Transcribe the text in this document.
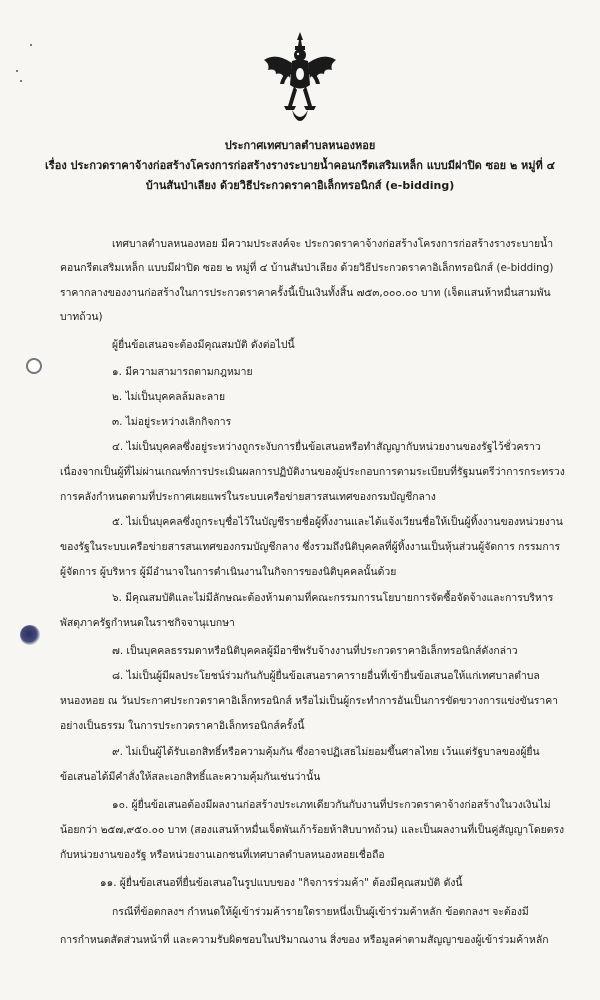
ประกาศเทศบาลตำบลหนองหอย
เรื่อง ประกวดราคาจ้างก่อสร้างโครงการก่อสร้างรางระบายน้ำคอนกรีตเสริมเหล็ก แบบมีฝาปิด ซอย ๒ หมู่ที่ ๔
บ้านสันป่าเลียง ด้วยวิธีประกวดราคาอิเล็กทรอนิกส์ (e-bidding)
เทศบาลตำบลหนองหอย มีความประสงค์จะ ประกวดราคาจ้างก่อสร้างโครงการก่อสร้างรางระบายน้ำ
คอนกรีตเสริมเหล็ก แบบมีฝาปิด ซอย ๒ หมู่ที่ ๔ บ้านสันป่าเลียง ด้วยวิธีประกวดราคาอิเล็กทรอนิกส์ (e-bidding)
ราคากลางของงานก่อสร้างในการประกวดราคาครั้งนี้เป็นเงินทั้งสิ้น ๗๕๓,๐๐๐.๐๐ บาท (เจ็ดแสนห้าหมื่นสามพัน
บาทถ้วน)
ผู้ยื่นข้อเสนอจะต้องมีคุณสมบัติ ดังต่อไปนี้
๑. มีความสามารถตามกฎหมาย
๒. ไม่เป็นบุคคลล้มละลาย
๓. ไม่อยู่ระหว่างเลิกกิจการ
๔. ไม่เป็นบุคคลซึ่งอยู่ระหว่างถูกระงับการยื่นข้อเสนอหรือทำสัญญากับหน่วยงานของรัฐไว้ชั่วคราว
เนื่องจากเป็นผู้ที่ไม่ผ่านเกณฑ์การประเมินผลการปฏิบัติงานของผู้ประกอบการตามระเบียบที่รัฐมนตรีว่าการกระทรวง
การคลังกำหนดตามที่ประกาศเผยแพร่ในระบบเครือข่ายสารสนเทศของกรมบัญชีกลาง
๕. ไม่เป็นบุคคลซึ่งถูกระบุชื่อไว้ในบัญชีรายชื่อผู้ทิ้งงานและได้แจ้งเวียนชื่อให้เป็นผู้ทิ้งงานของหน่วยงาน
ของรัฐในระบบเครือข่ายสารสนเทศของกรมบัญชีกลาง ซึ่งรวมถึงนิติบุคคลที่ผู้ทิ้งงานเป็นหุ้นส่วนผู้จัดการ กรรมการ
ผู้จัดการ ผู้บริหาร ผู้มีอำนาจในการดำเนินงานในกิจการของนิติบุคคลนั้นด้วย
๖. มีคุณสมบัติและไม่มีลักษณะต้องห้ามตามที่คณะกรรมการนโยบายการจัดซื้อจัดจ้างและการบริหาร
พัสดุภาครัฐกำหนดในราชกิจจานุเบกษา
๗. เป็นบุคคลธรรมดาหรือนิติบุคคลผู้มีอาชีพรับจ้างงานที่ประกวดราคาอิเล็กทรอนิกส์ดังกล่าว
๘. ไม่เป็นผู้มีผลประโยชน์ร่วมกันกับผู้ยื่นข้อเสนอราคารายอื่นที่เข้ายื่นข้อเสนอให้แก่เทศบาลตำบล
หนองหอย ณ วันประกาศประกวดราคาอิเล็กทรอนิกส์ หรือไม่เป็นผู้กระทำการอันเป็นการขัดขวางการแข่งขันราคา
อย่างเป็นธรรม ในการประกวดราคาอิเล็กทรอนิกส์ครั้งนี้
๙. ไม่เป็นผู้ได้รับเอกสิทธิ์หรือความคุ้มกัน ซึ่งอาจปฏิเสธไม่ยอมขึ้นศาลไทย เว้นแต่รัฐบาลของผู้ยื่น
ข้อเสนอได้มีคำสั่งให้สละเอกสิทธิ์และความคุ้มกันเช่นว่านั้น
๑๐. ผู้ยื่นข้อเสนอต้องมีผลงานก่อสร้างประเภทเดียวกันกับงานที่ประกวดราคาจ้างก่อสร้างในวงเงินไม่
น้อยกว่า ๒๕๗,๙๕๐.๐๐ บาท (สองแสนห้าหมื่นเจ็ดพันเก้าร้อยห้าสิบบาทถ้วน) และเป็นผลงานที่เป็นคู่สัญญาโดยตรง
กับหน่วยงานของรัฐ หรือหน่วยงานเอกชนที่เทศบาลตำบลหนองหอยเชื่อถือ
๑๑. ผู้ยื่นข้อเสนอที่ยื่นข้อเสนอในรูปแบบของ "กิจการร่วมค้า" ต้องมีคุณสมบัติ ดังนี้
กรณีที่ข้อตกลงฯ กำหนดให้ผู้เข้าร่วมค้ารายใดรายหนึ่งเป็นผู้เข้าร่วมค้าหลัก ข้อตกลงฯ จะต้องมี
การกำหนดสัดส่วนหน้าที่ และความรับผิดชอบในปริมาณงาน สิ่งของ หรือมูลค่าตามสัญญาของผู้เข้าร่วมค้าหลัก
